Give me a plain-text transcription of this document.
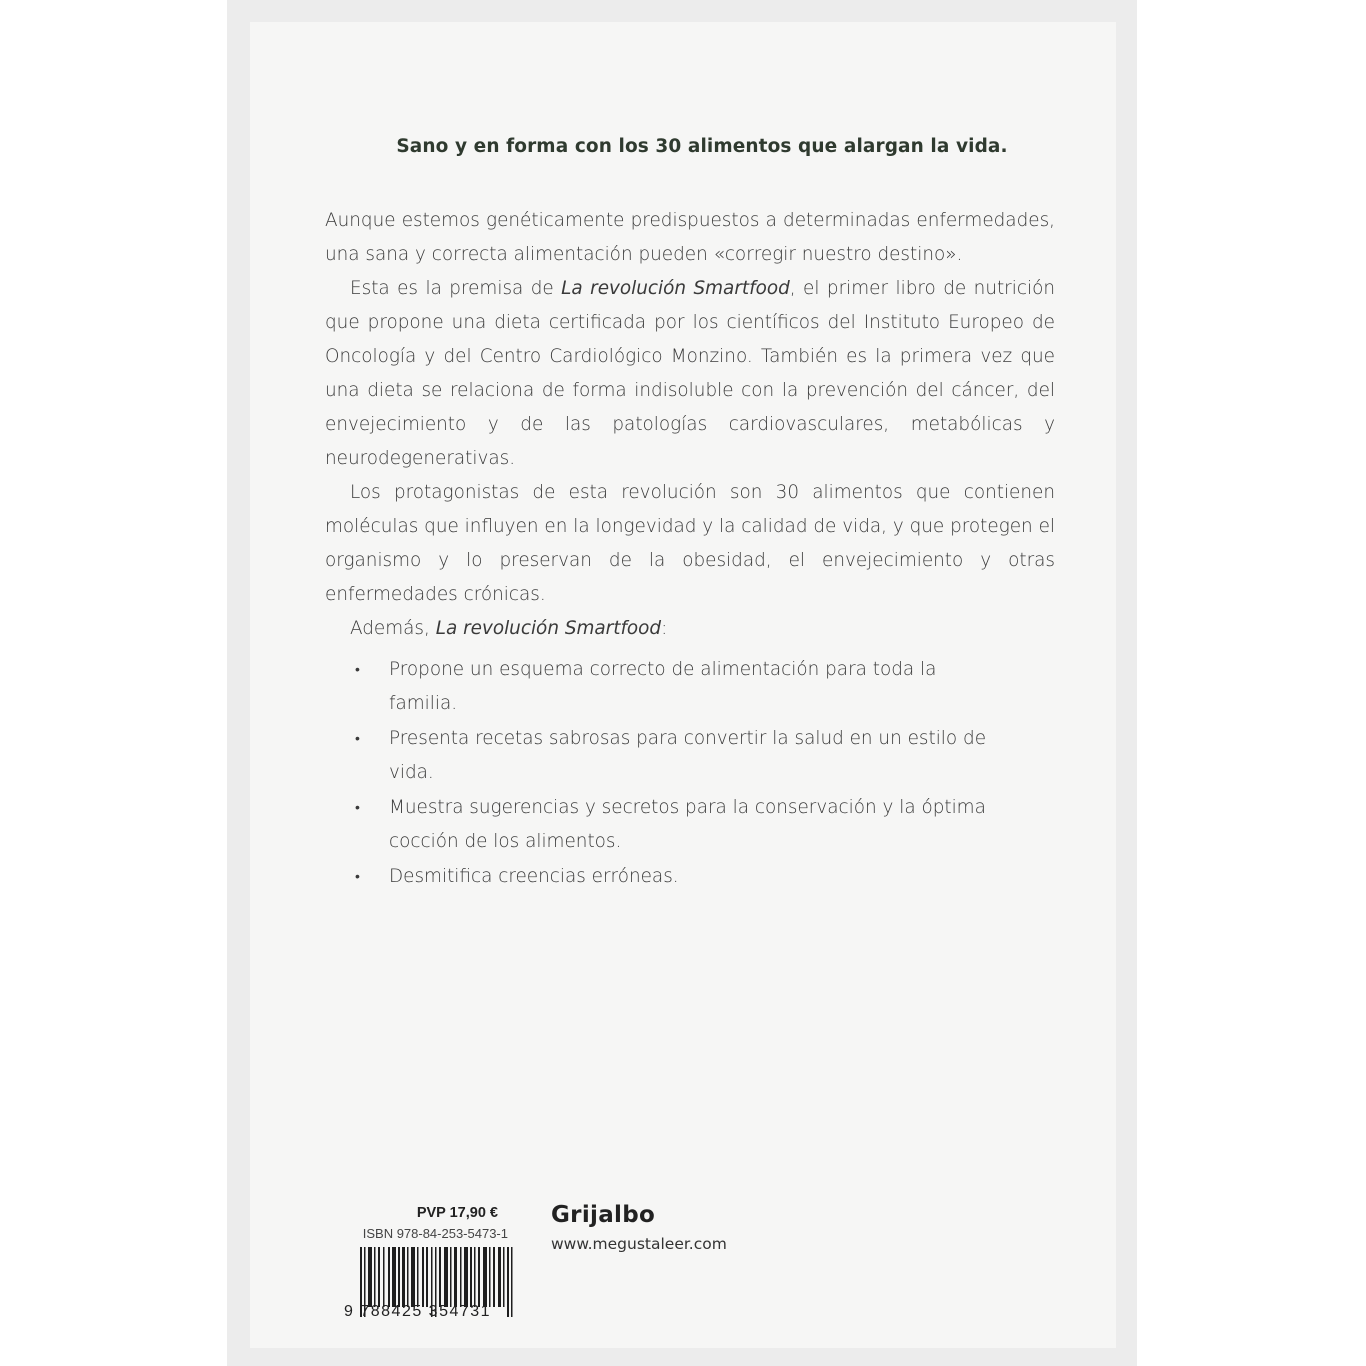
Sano y en forma con los 30 alimentos que alargan la vida.

Aunque estemos genéticamente predispuestos a determinadas enfermedades, una sana y correcta alimentación pueden «corregir nuestro destino».

Esta es la premisa de La revolución Smartfood, el primer libro de nutrición que propone una dieta certificada por los científicos del Instituto Europeo de Oncología y del Centro Cardiológico Monzino. También es la primera vez que una dieta se relaciona de forma indisoluble con la prevención del cáncer, del envejecimiento y de las patologías cardiovasculares, metabólicas y neurodegenerativas.

Los protagonistas de esta revolución son 30 alimentos que contienen moléculas que influyen en la longevidad y la calidad de vida, y que protegen el organismo y lo preservan de la obesidad, el envejecimiento y otras enfermedades crónicas.

Además, La revolución Smartfood:

• Propone un esquema correcto de alimentación para toda la familia.
• Presenta recetas sabrosas para convertir la salud en un estilo de vida.
• Muestra sugerencias y secretos para la conservación y la óptima cocción de los alimentos.
• Desmitifica creencias erróneas.
PVP 17,90 €
ISBN 978-84-253-5473-1
9 788425 354731
Grijalbo
www.megustaleer.com
